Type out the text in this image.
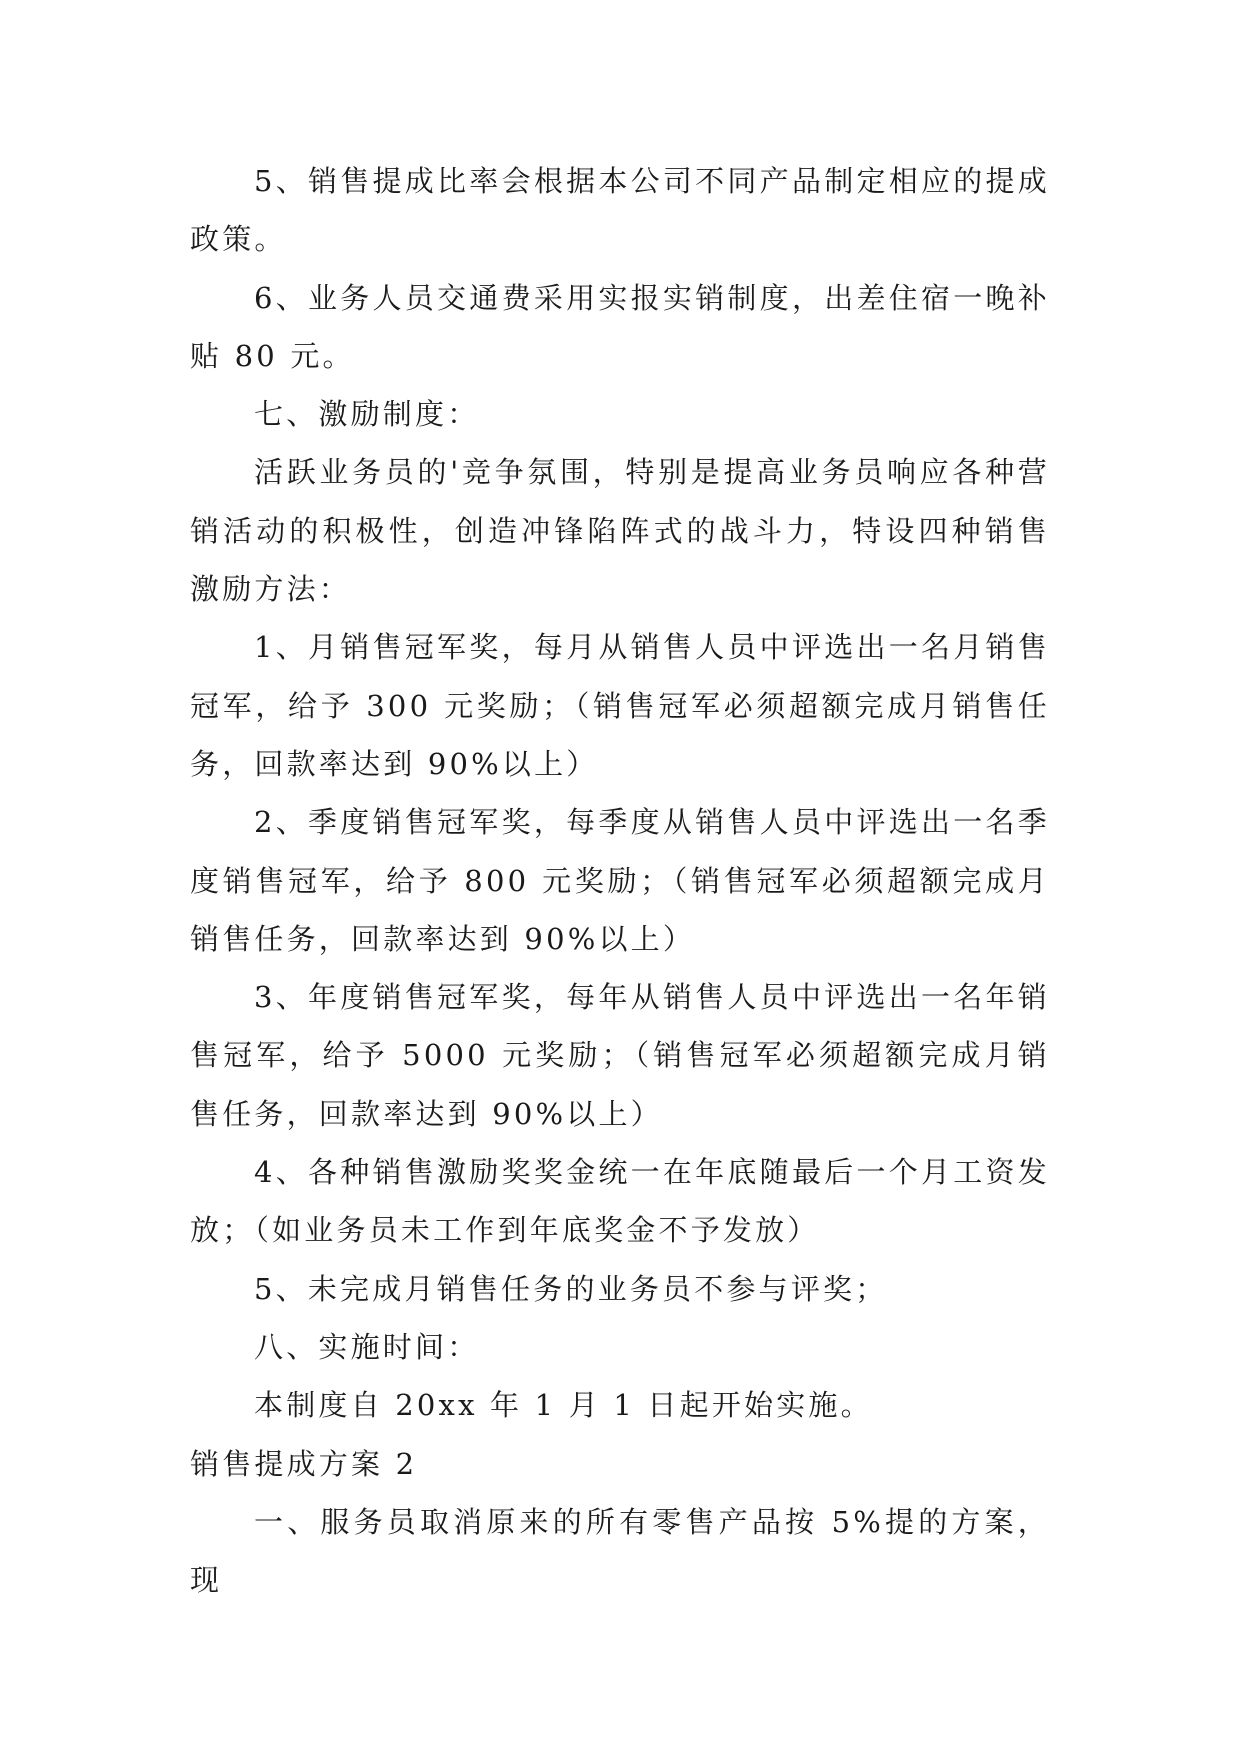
5、销售提成比率会根据本公司不同产品制定相应的提成政策。

6、业务人员交通费采用实报实销制度，出差住宿一晚补贴 80 元。

七、激励制度：

活跃业务员的'竞争氛围，特别是提高业务员响应各种营销活动的积极性，创造冲锋陷阵式的战斗力，特设四种销售激励方法：

1、月销售冠军奖，每月从销售人员中评选出一名月销售冠军，给予 300 元奖励；（销售冠军必须超额完成月销售任务，回款率达到 90%以上）

2、季度销售冠军奖，每季度从销售人员中评选出一名季度销售冠军，给予 800 元奖励；（销售冠军必须超额完成月销售任务，回款率达到 90%以上）

3、年度销售冠军奖，每年从销售人员中评选出一名年销售冠军，给予 5000 元奖励；（销售冠军必须超额完成月销售任务，回款率达到 90%以上）

4、各种销售激励奖奖金统一在年底随最后一个月工资发放；（如业务员未工作到年底奖金不予发放）

5、未完成月销售任务的业务员不参与评奖；

八、实施时间：

本制度自 20xx 年 1 月 1 日起开始实施。

销售提成方案 2

一、服务员取消原来的所有零售产品按 5%提的方案，现
